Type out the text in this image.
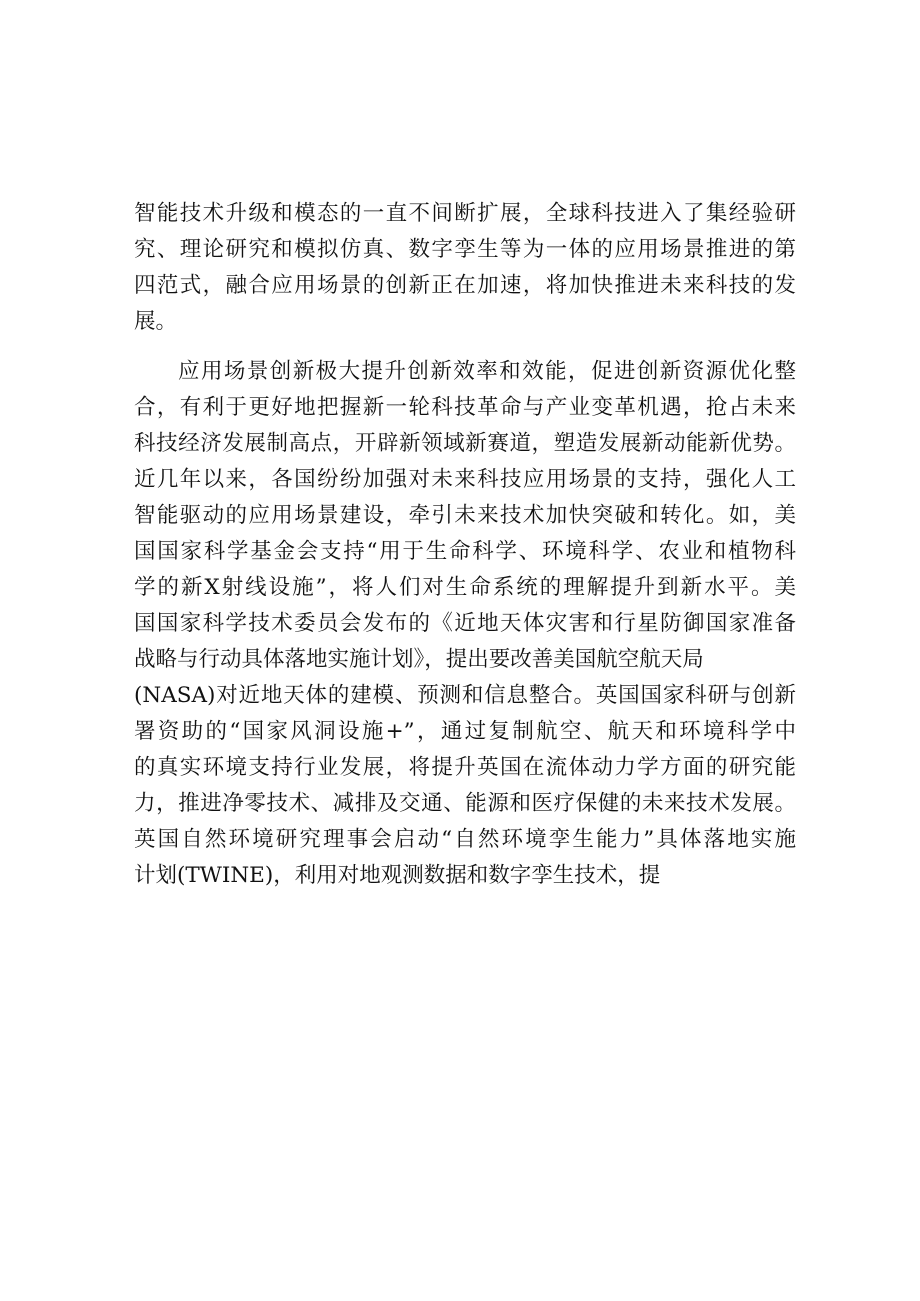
智能技术升级和模态的一直不间断扩展，全球科技进入了集经验研
究、理论研究和模拟仿真、数字孪生等为一体的应用场景推进的第
四范式，融合应用场景的创新正在加速，将加快推进未来科技的发
展。
应用场景创新极大提升创新效率和效能，促进创新资源优化整
合，有利于更好地把握新一轮科技革命与产业变革机遇，抢占未来
科技经济发展制高点，开辟新领域新赛道，塑造发展新动能新优势。
近几年以来，各国纷纷加强对未来科技应用场景的支持，强化人工
智能驱动的应用场景建设，牵引未来技术加快突破和转化。如，美
国国家科学基金会支持“用于生命科学、环境科学、农业和植物科
学的新X射线设施”，将人们对生命系统的理解提升到新水平。美
国国家科学技术委员会发布的《近地天体灾害和行星防御国家准备
战略与行动具体落地实施计划》，提出要改善美国航空航天局
(NASA)对近地天体的建模、预测和信息整合。英国国家科研与创新
署资助的“国家风洞设施+”，通过复制航空、航天和环境科学中
的真实环境支持行业发展，将提升英国在流体动力学方面的研究能
力，推进净零技术、减排及交通、能源和医疗保健的未来技术发展。
英国自然环境研究理事会启动“自然环境孪生能力”具体落地实施
计划(TWINE)，利用对地观测数据和数字孪生技术，提
